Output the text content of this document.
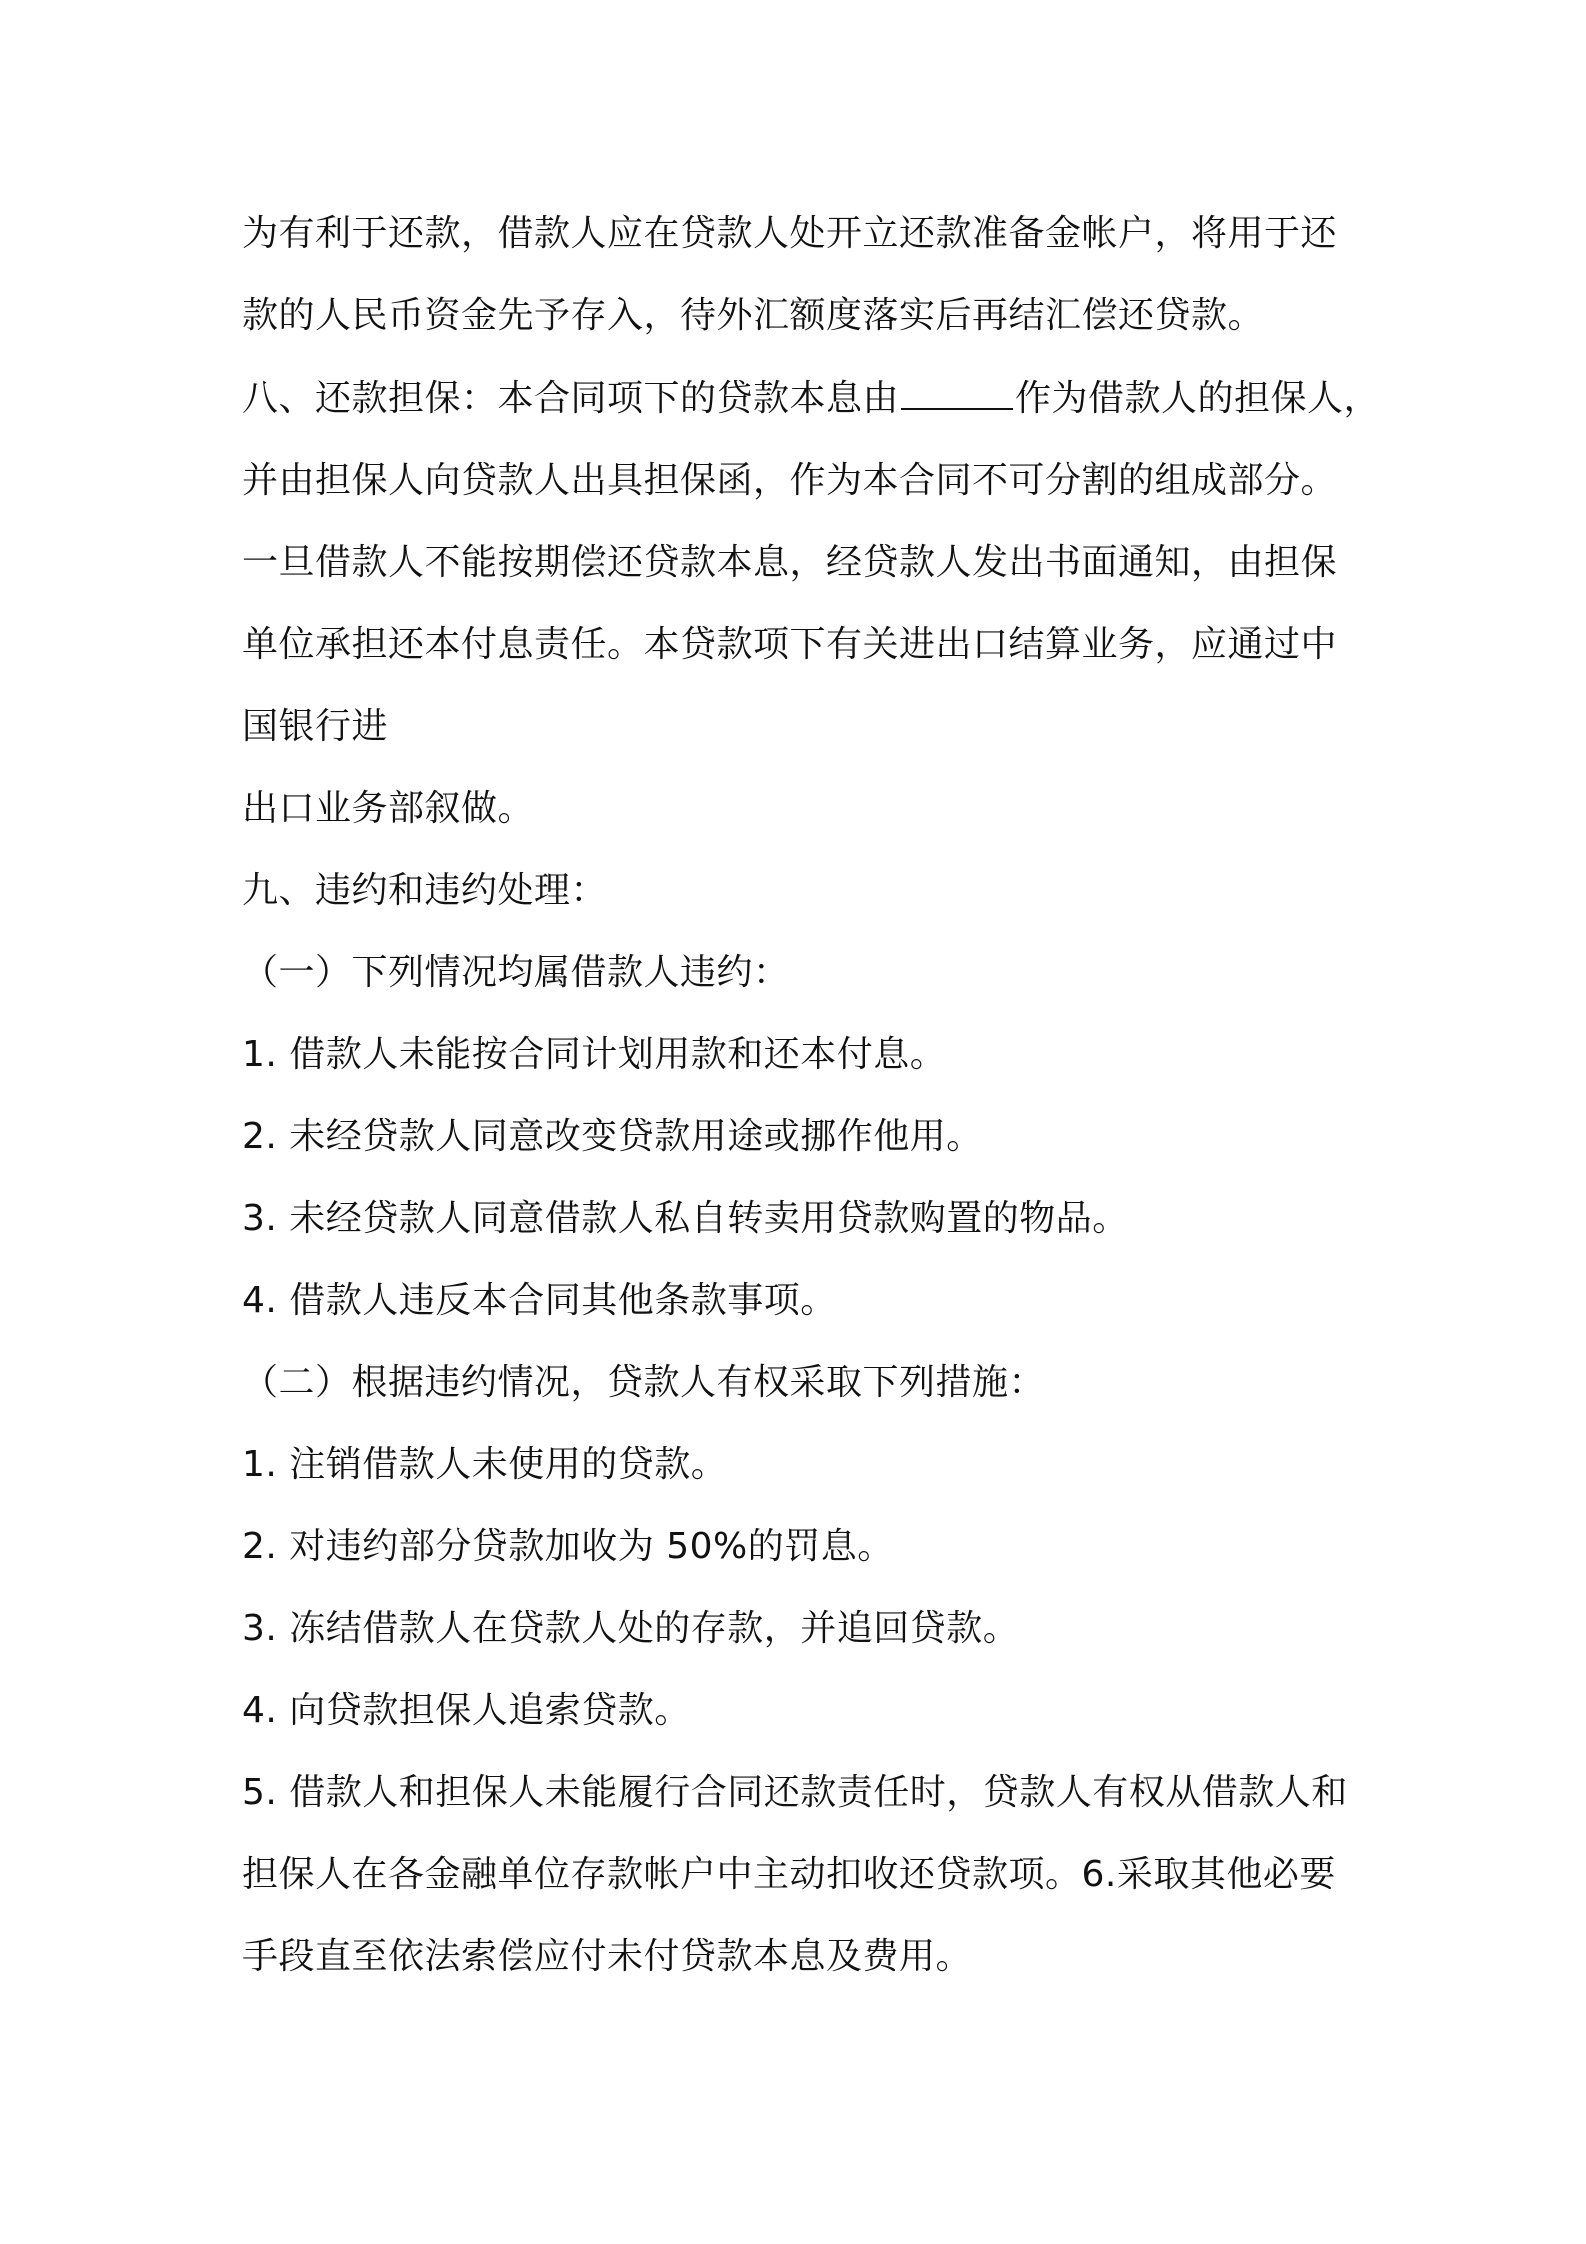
为有利于还款，借款人应在贷款人处开立还款准备金帐户，将用于还

款的人民币资金先予存入，待外汇额度落实后再结汇偿还贷款。

八、还款担保：本合同项下的贷款本息由	作为借款人的担保人，

并由担保人向贷款人出具担保函，作为本合同不可分割的组成部分。

一旦借款人不能按期偿还贷款本息，经贷款人发出书面通知，由担保

单位承担还本付息责任。本贷款项下有关进出口结算业务，应通过中

国银行进

出口业务部叙做。

九、违约和违约处理：

（一）下列情况均属借款人违约：

1. 借款人未能按合同计划用款和还本付息。

2. 未经贷款人同意改变贷款用途或挪作他用。

3. 未经贷款人同意借款人私自转卖用贷款购置的物品。

4. 借款人违反本合同其他条款事项。

（二）根据违约情况，贷款人有权采取下列措施：

1. 注销借款人未使用的贷款。

2. 对违约部分贷款加收为 50%的罚息。

3. 冻结借款人在贷款人处的存款，并追回贷款。

4. 向贷款担保人追索贷款。

5. 借款人和担保人未能履行合同还款责任时，贷款人有权从借款人和

担保人在各金融单位存款帐户中主动扣收还贷款项。6.采取其他必要

手段直至依法索偿应付未付贷款本息及费用。
